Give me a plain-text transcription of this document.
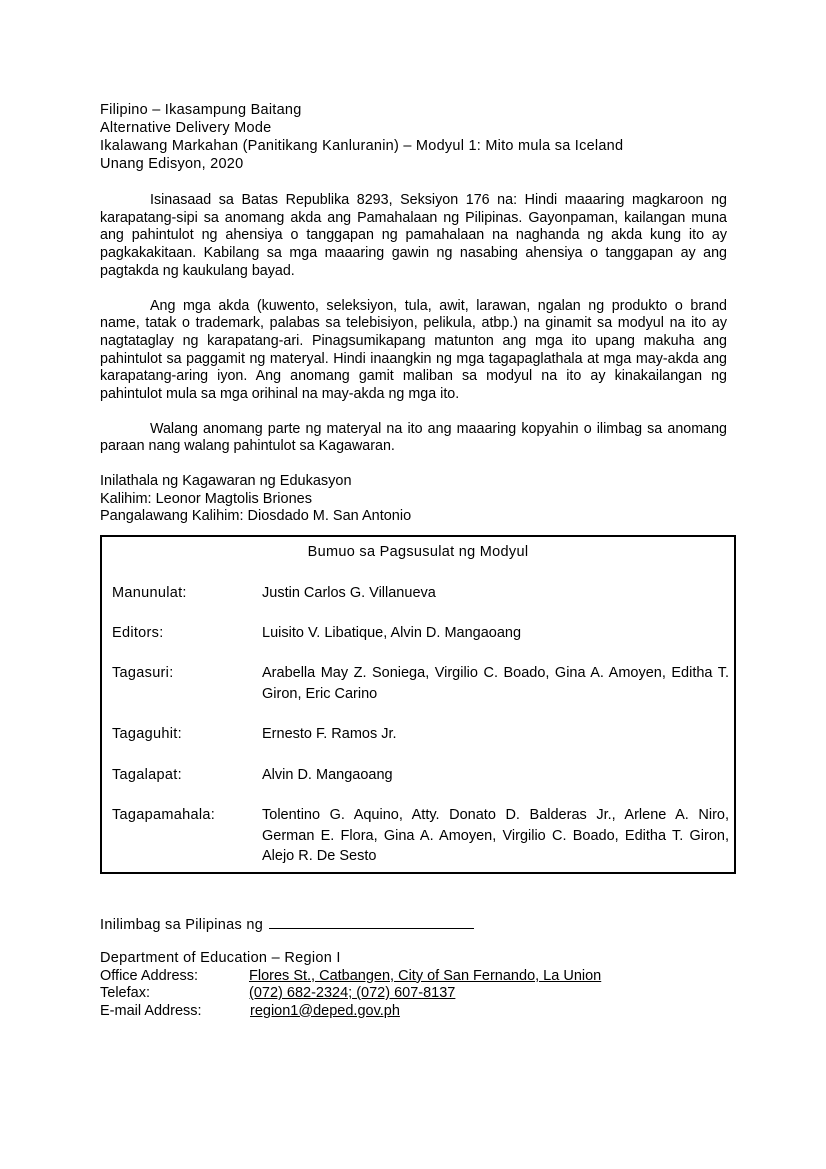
Filipino – Ikasampung Baitang
Alternative Delivery Mode
Ikalawang Markahan (Panitikang Kanluranin) – Modyul 1: Mito mula sa Iceland
Unang Edisyon, 2020

Isinasaad sa Batas Republika 8293, Seksiyon 176 na: Hindi maaaring magkaroon ng karapatang-sipi sa anomang akda ang Pamahalaan ng Pilipinas. Gayonpaman, kailangan muna ang pahintulot ng ahensiya o tanggapan ng pamahalaan na naghanda ng akda kung ito ay pagkakakitaan. Kabilang sa mga maaaring gawin ng nasabing ahensiya o tanggapan ay ang pagtakda ng kaukulang bayad.

Ang mga akda (kuwento, seleksiyon, tula, awit, larawan, ngalan ng produkto o brand name, tatak o trademark, palabas sa telebisiyon, pelikula, atbp.) na ginamit sa modyul na ito ay nagtataglay ng karapatang-ari. Pinagsumikapang matunton ang mga ito upang makuha ang pahintulot sa paggamit ng materyal. Hindi inaangkin ng mga tagapaglathala at mga may-akda ang karapatang-aring iyon. Ang anomang gamit maliban sa modyul na ito ay kinakailangan ng pahintulot mula sa mga orihinal na may-akda ng mga ito.

Walang anomang parte ng materyal na ito ang maaaring kopyahin o ilimbag sa anomang paraan nang walang pahintulot sa Kagawaran.

Inilathala ng Kagawaran ng Edukasyon
Kalihim: Leonor Magtolis Briones
Pangalawang Kalihim: Diosdado M. San Antonio
Bumuo sa Pagsusulat ng Modyul
Manunulat:	Justin Carlos G. Villanueva
Editors:	Luisito V. Libatique, Alvin D. Mangaoang
Tagasuri:	Arabella May Z. Soniega, Virgilio C. Boado, Gina A. Amoyen, Editha T. Giron, Eric Carino
Tagaguhit:	Ernesto F. Ramos Jr.
Tagalapat:	Alvin D. Mangaoang
Tagapamahala:	Tolentino G. Aquino, Atty. Donato D. Balderas Jr., Arlene A. Niro, German E. Flora, Gina A. Amoyen, Virgilio C. Boado, Editha T. Giron, Alejo R. De Sesto
Inilimbag sa Pilipinas ng
Department of Education – Region I
Office Address:	Flores St., Catbangen, City of San Fernando, La Union
Telefax:	(072) 682-2324; (072) 607-8137
E-mail Address:	region1@deped.gov.ph
